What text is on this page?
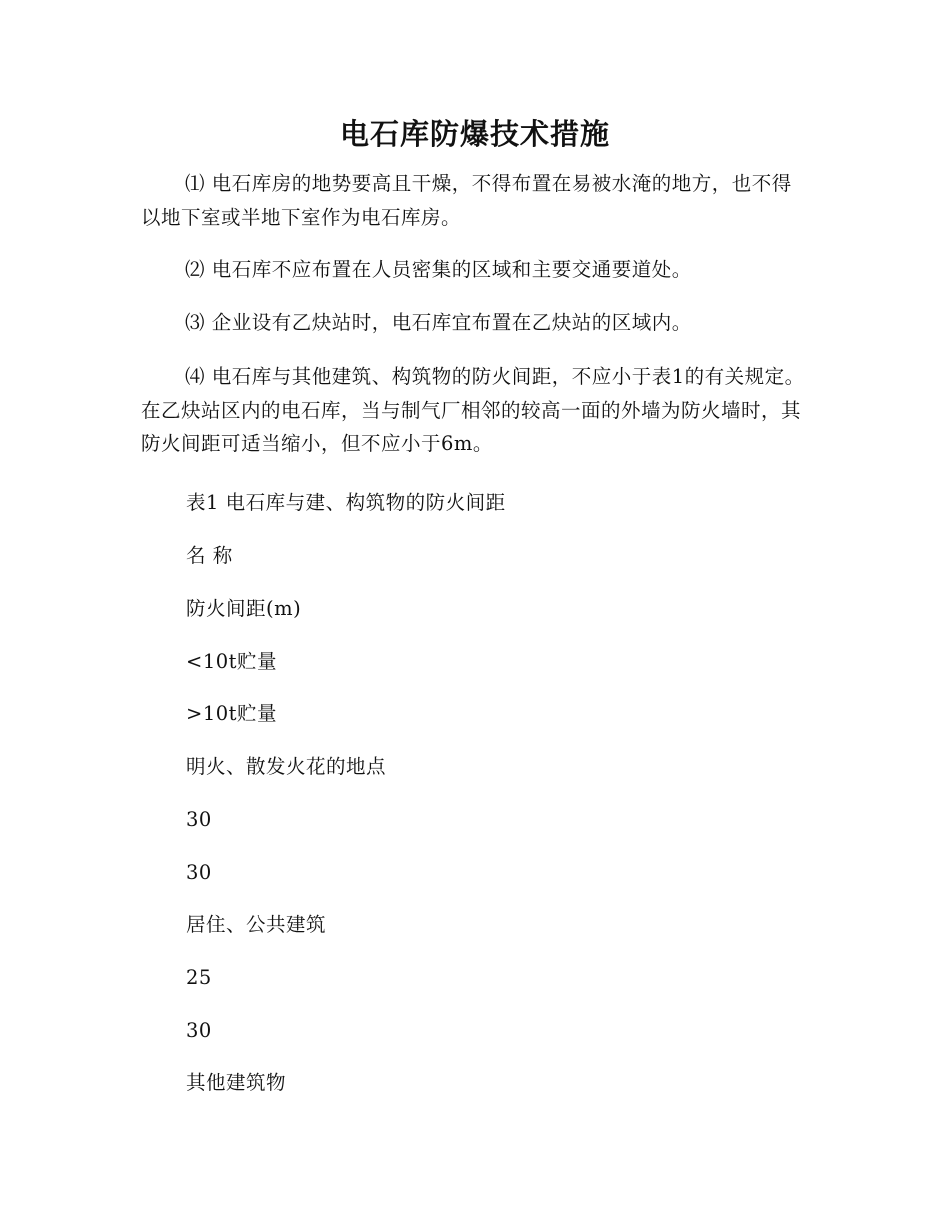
电石库防爆技术措施

⑴ 电石库房的地势要高且干燥，不得布置在易被水淹的地方，也不得以地下室或半地下室作为电石库房。

⑵ 电石库不应布置在人员密集的区域和主要交通要道处。

⑶ 企业设有乙炔站时，电石库宜布置在乙炔站的区域内。

⑷ 电石库与其他建筑、构筑物的防火间距，不应小于表1的有关规定。在乙炔站区内的电石库，当与制气厂相邻的较高一面的外墙为防火墙时，其防火间距可适当缩小，但不应小于6m。

表1 电石库与建、构筑物的防火间距

名 称

防火间距(m)

<10t贮量

>10t贮量

明火、散发火花的地点

30

30

居住、公共建筑

25

30

其他建筑物
